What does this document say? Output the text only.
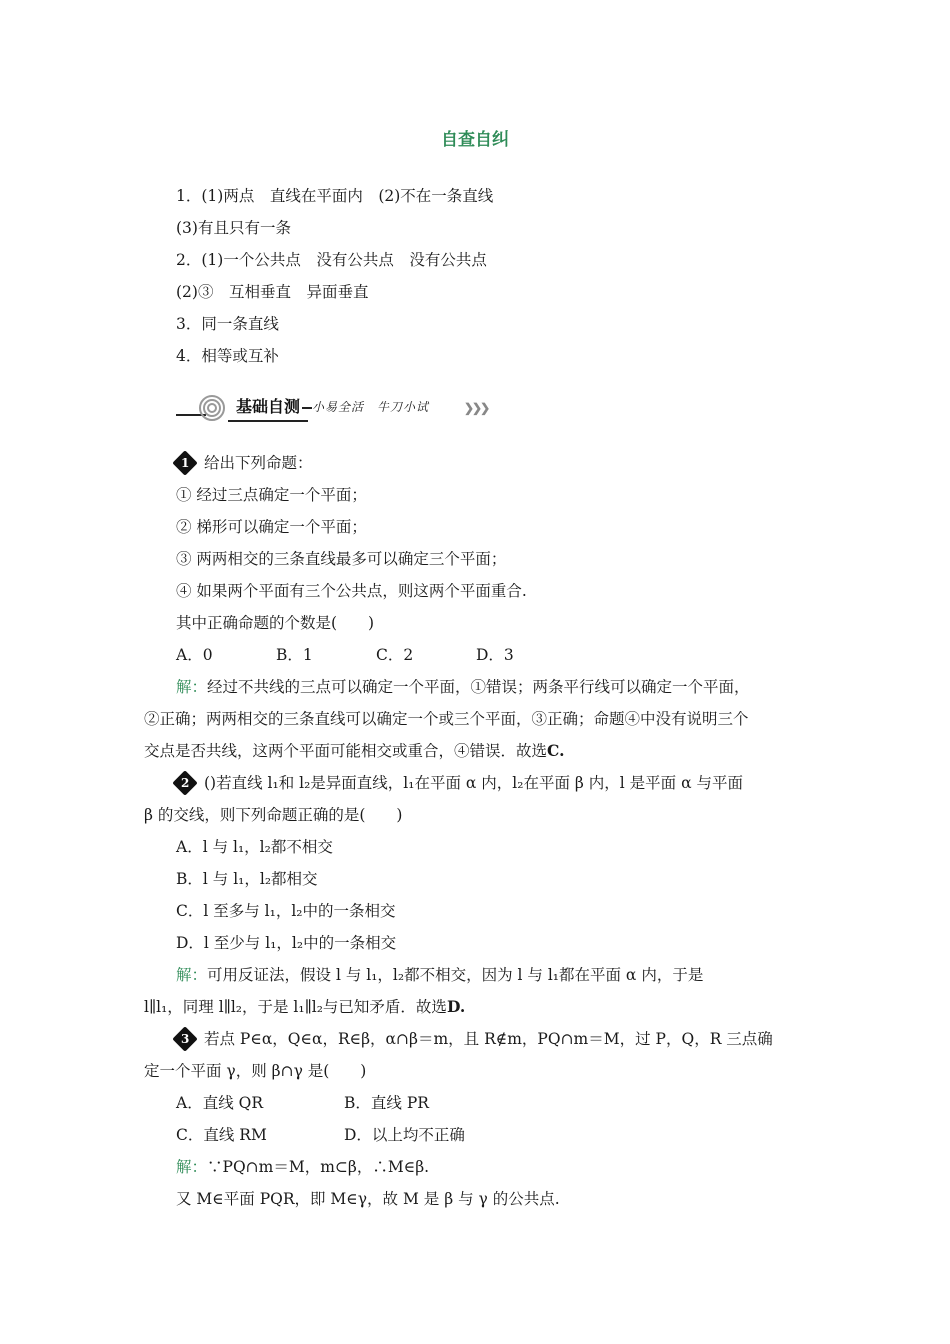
自查自纠
1．(1)两点　直线在平面内　(2)不在一条直线
(3)有且只有一条
2．(1)一个公共点　没有公共点　没有公共点
(2)③　互相垂直　异面垂直
3．同一条直线
4．相等或互补
基础自测 小易全活　牛刀小试	❯❯❯
1 给出下列命题：
① 经过三点确定一个平面；
② 梯形可以确定一个平面；
③ 两两相交的三条直线最多可以确定三个平面；
④ 如果两个平面有三个公共点，则这两个平面重合.
其中正确命题的个数是(　　)
A．0	B．1	C．2	D．3
解：经过不共线的三点可以确定一个平面，①错误；两条平行线可以确定一个平面，
②正确；两两相交的三条直线可以确定一个或三个平面，③正确；命题④中没有说明三个
交点是否共线，这两个平面可能相交或重合，④错误．故选C.
2 ()若直线 l₁和 l₂是异面直线，l₁在平面 α 内，l₂在平面 β 内，l 是平面 α 与平面
β 的交线，则下列命题正确的是(　　)
A．l 与 l₁，l₂都不相交
B．l 与 l₁，l₂都相交
C．l 至多与 l₁，l₂中的一条相交
D．l 至少与 l₁，l₂中的一条相交
解：可用反证法，假设 l 与 l₁，l₂都不相交，因为 l 与 l₁都在平面 α 内，于是
l∥l₁，同理 l∥l₂，于是 l₁∥l₂与已知矛盾．故选D.
3 若点 P∈α，Q∈α，R∈β，α∩β＝m，且 R∉m，PQ∩m＝M，过 P，Q，R 三点确
定一个平面 γ，则 β∩γ 是(　　)
A．直线 QR	B．直线 PR
C．直线 RM	D．以上均不正确
解：∵PQ∩m＝M，m⊂β，∴M∈β.
又 M∈平面 PQR，即 M∈γ，故 M 是 β 与 γ 的公共点.
